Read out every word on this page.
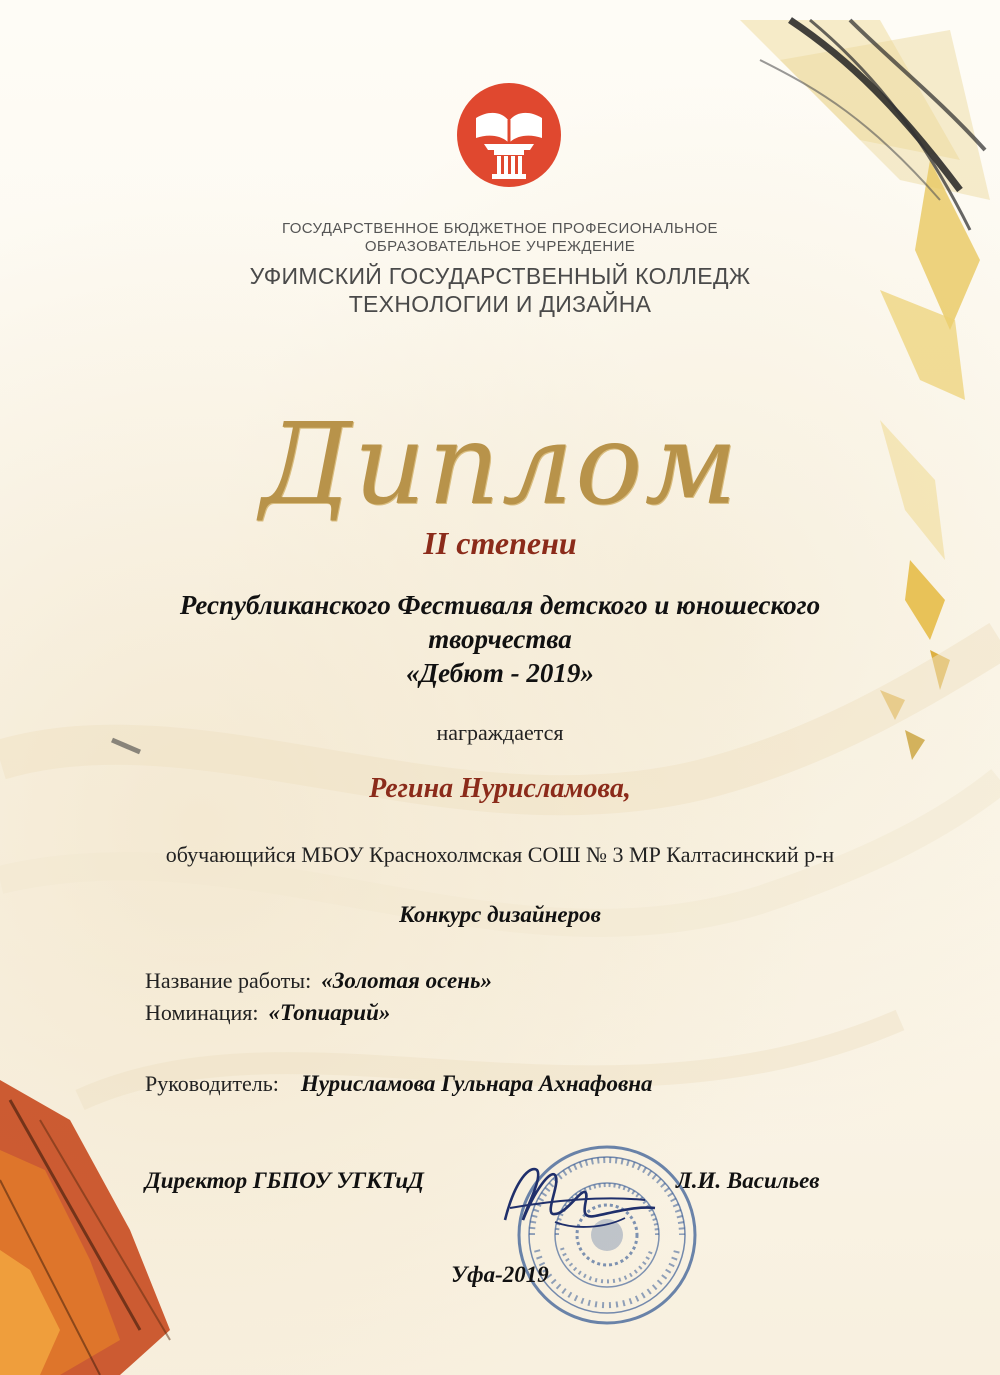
ГОСУДАРСТВЕННОЕ БЮДЖЕТНОЕ ПРОФЕСИОНАЛЬНОЕ
ОБРАЗОВАТЕЛЬНОЕ УЧРЕЖДЕНИЕ
УФИМСКИЙ ГОСУДАРСТВЕННЫЙ КОЛЛЕДЖ
ТЕХНОЛОГИИ И ДИЗАЙНА
Диплом
II степени
Республиканского Фестиваля детского и юношеского
творчества
«Дебют - 2019»
награждается
Регина Нурисламова,
обучающийся МБОУ Краснохолмская СОШ № 3 МР Калтасинский р-н
Конкурс дизайнеров
Название работы: «Золотая осень»
Номинация: «Топиарий»
Руководитель: Нурисламова Гульнара Ахнафовна
Директор ГБПОУ УГКТиД	Л.И. Васильев
Уфа-2019
